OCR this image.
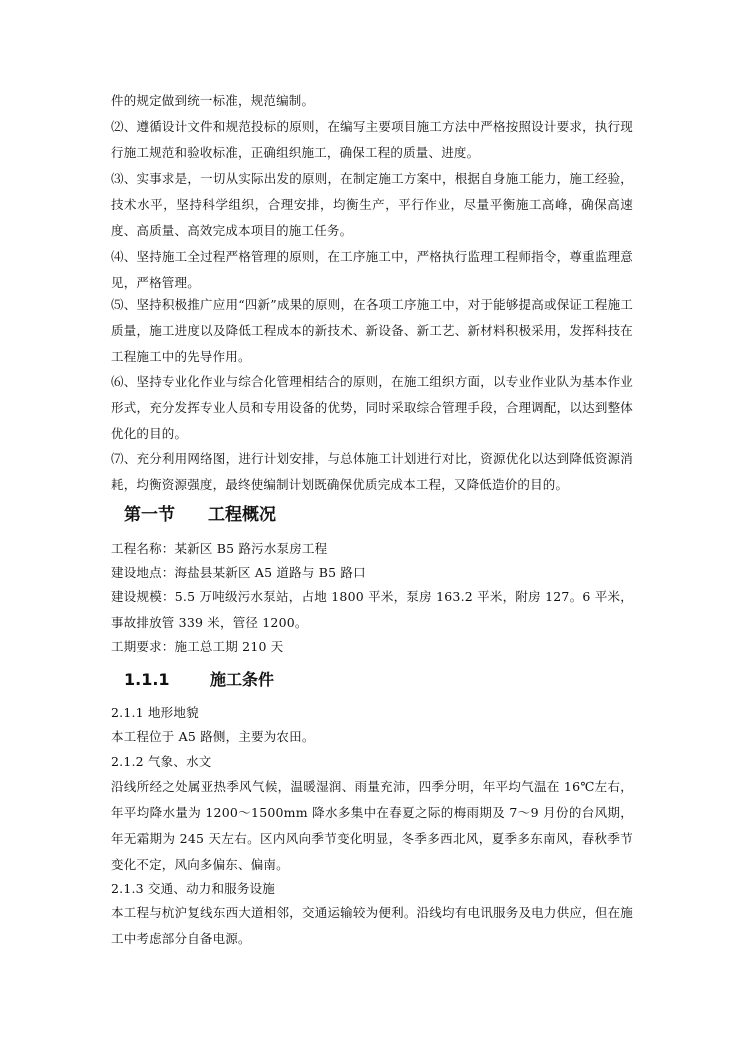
件的规定做到统一标准，规范编制。
⑵、遵循设计文件和规范投标的原则，在编写主要项目施工方法中严格按照设计要求，执行现行施工规范和验收标准，正确组织施工，确保工程的质量、进度。
⑶、实事求是，一切从实际出发的原则，在制定施工方案中，根据自身施工能力，施工经验，技术水平，坚持科学组织，合理安排，均衡生产，平行作业，尽量平衡施工高峰，确保高速度、高质量、高效完成本项目的施工任务。
⑷、坚持施工全过程严格管理的原则，在工序施工中，严格执行监理工程师指令，尊重监理意见，严格管理。
⑸、坚持积极推广应用“四新”成果的原则，在各项工序施工中，对于能够提高或保证工程施工质量，施工进度以及降低工程成本的新技术、新设备、新工艺、新材料积极采用，发挥科技在工程施工中的先导作用。
⑹、坚持专业化作业与综合化管理相结合的原则，在施工组织方面，以专业作业队为基本作业形式，充分发挥专业人员和专用设备的优势，同时采取综合管理手段，合理调配，以达到整体优化的目的。
⑺、充分利用网络图，进行计划安排，与总体施工计划进行对比，资源优化以达到降低资源消耗，均衡资源强度，最终使编制计划既确保优质完成本工程，又降低造价的目的。
第一节 工程概况
工程名称：某新区 B5 路污水泵房工程
建设地点：海盐县某新区 A5 道路与 B5 路口
建设规模：5.5 万吨级污水泵站，占地 1800 平米，泵房 163.2 平米，附房 127。6 平米，事故排放管 339 米，管径 1200。
工期要求：施工总工期 210 天
1.1.1	施工条件
2.1.1 地形地貌
本工程位于 A5 路侧，主要为农田。
2.1.2 气象、水文
沿线所经之处属亚热季风气候，温暖湿润、雨量充沛，四季分明，年平均气温在 16℃左右，年平均降水量为 1200～1500mm 降水多集中在春夏之际的梅雨期及 7～9 月份的台风期，年无霜期为 245 天左右。区内风向季节变化明显，冬季多西北风，夏季多东南风，春秋季节变化不定，风向多偏东、偏南。
2.1.3 交通、动力和服务设施
本工程与杭沪复线东西大道相邻，交通运输较为便利。沿线均有电讯服务及电力供应，但在施工中考虑部分自备电源。
